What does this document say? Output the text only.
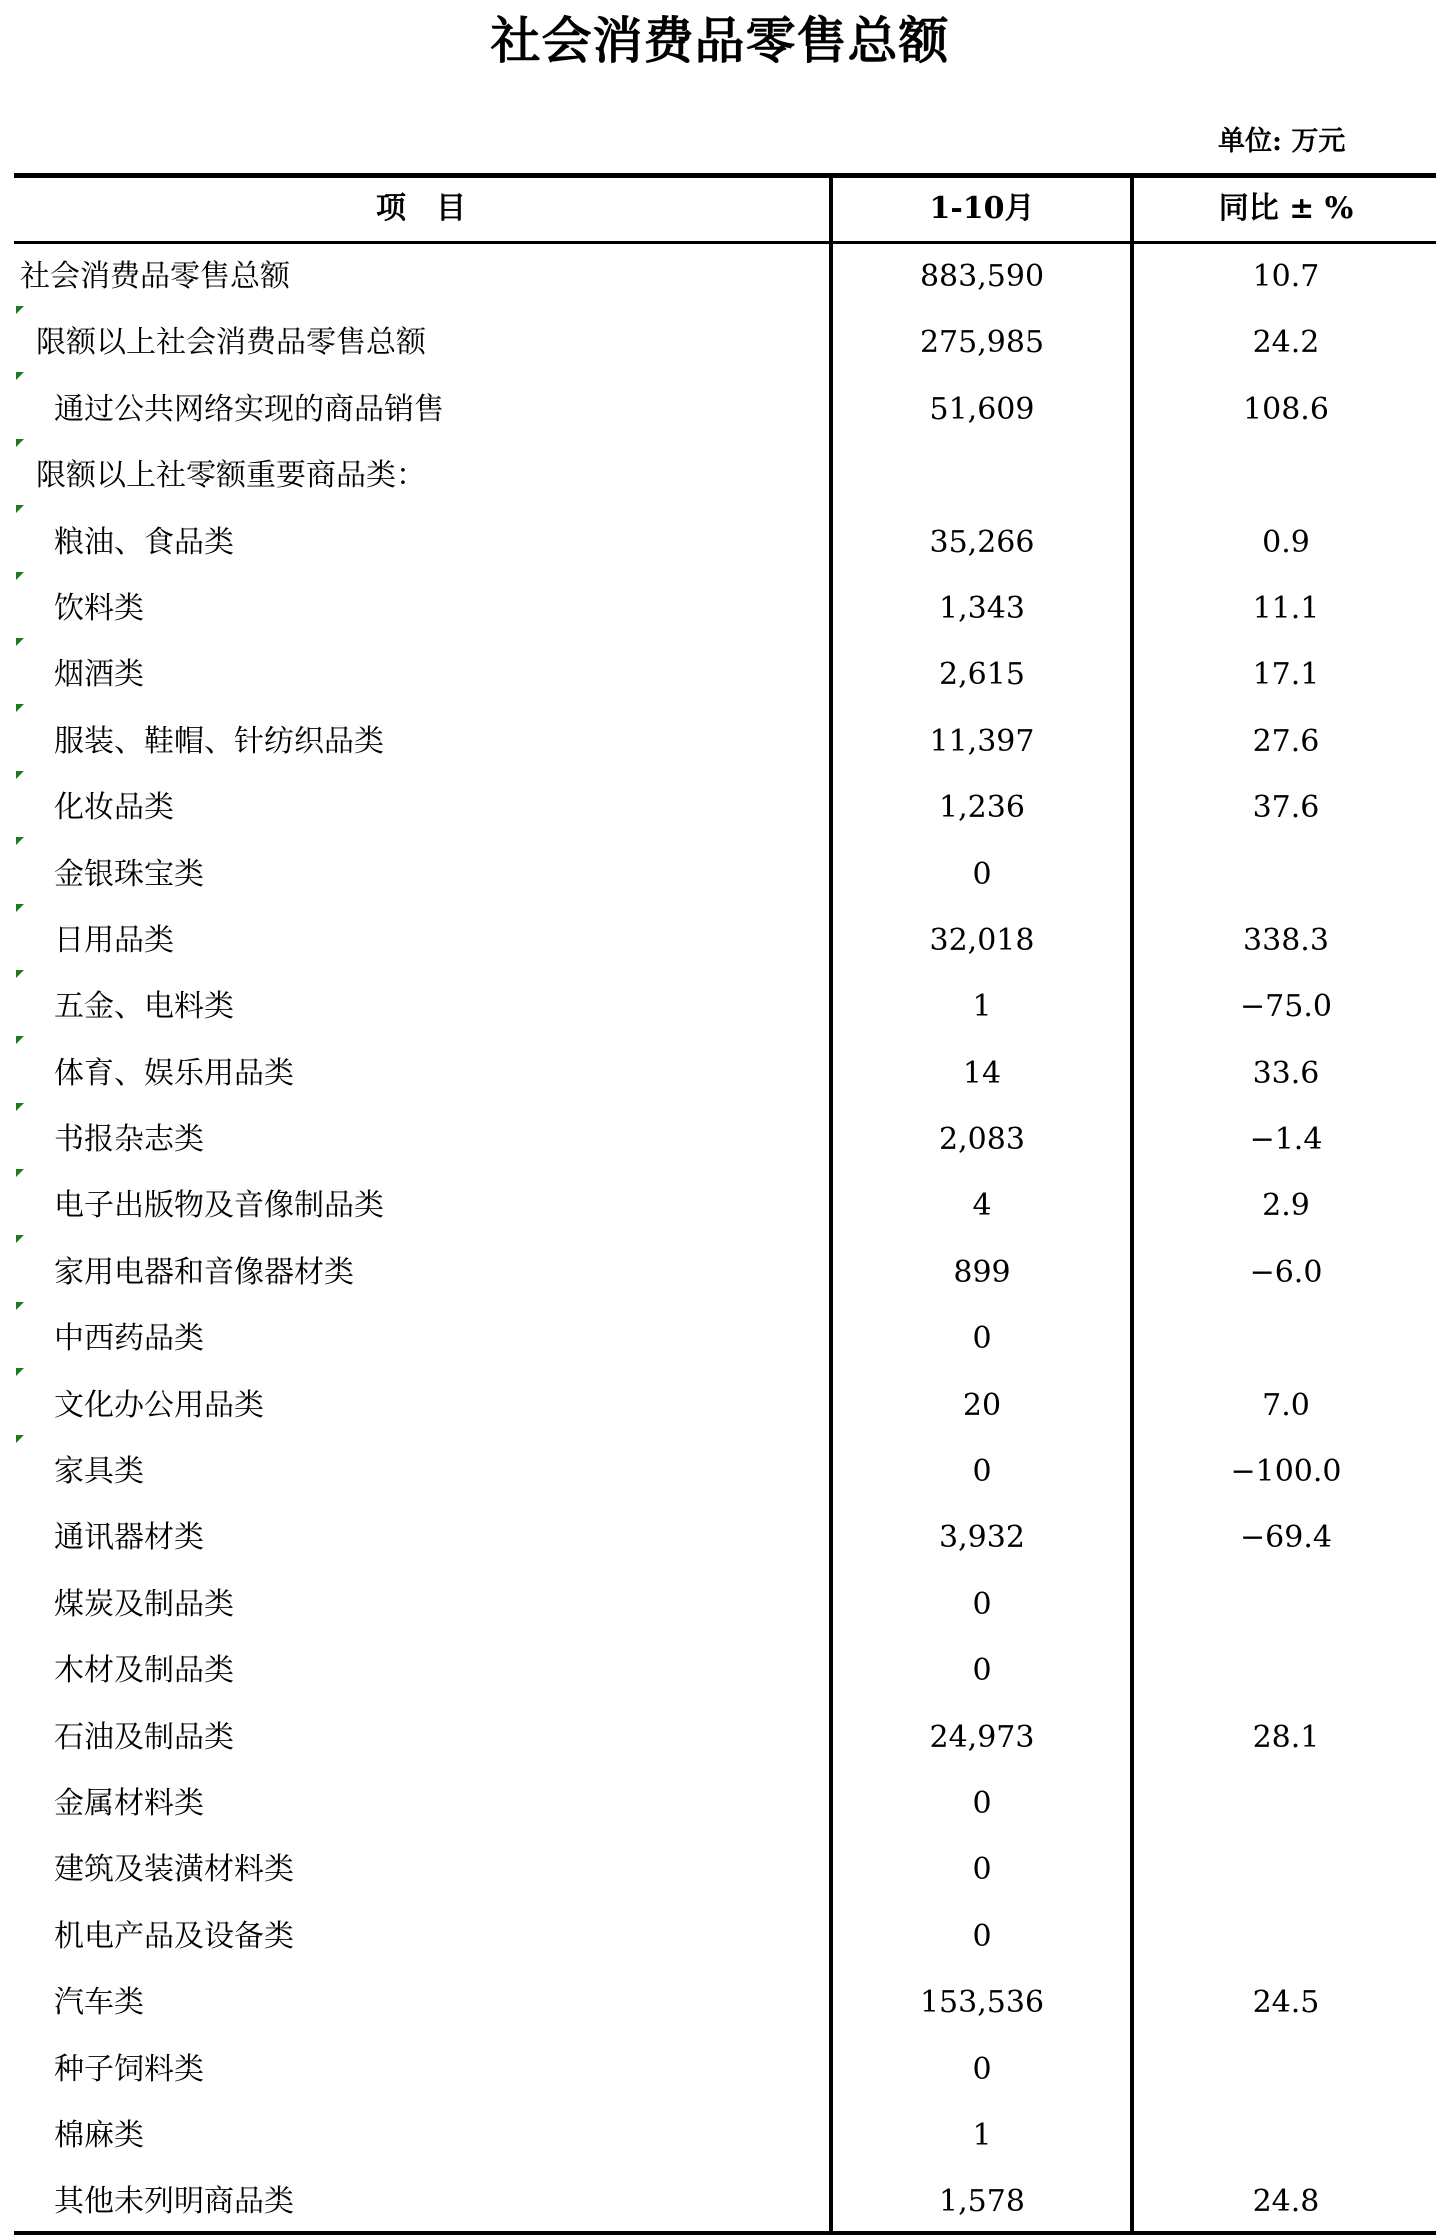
社会消费品零售总额
单位: 万元
项　目	1-10月	同比 ± %
社会消费品零售总额	883,590	10.7
限额以上社会消费品零售总额	275,985	24.2
通过公共网络实现的商品销售	51,609	108.6
限额以上社零额重要商品类：
粮油、食品类	35,266	0.9
饮料类	1,343	11.1
烟酒类	2,615	17.1
服装、鞋帽、针纺织品类	11,397	27.6
化妆品类	1,236	37.6
金银珠宝类	0
日用品类	32,018	338.3
五金、电料类	1	−75.0
体育、娱乐用品类	14	33.6
书报杂志类	2,083	−1.4
电子出版物及音像制品类	4	2.9
家用电器和音像器材类	899	−6.0
中西药品类	0
文化办公用品类	20	7.0
家具类	0	−100.0
通讯器材类	3,932	−69.4
煤炭及制品类	0
木材及制品类	0
石油及制品类	24,973	28.1
金属材料类	0
建筑及装潢材料类	0
机电产品及设备类	0
汽车类	153,536	24.5
种子饲料类	0
棉麻类	1
其他未列明商品类	1,578	24.8
